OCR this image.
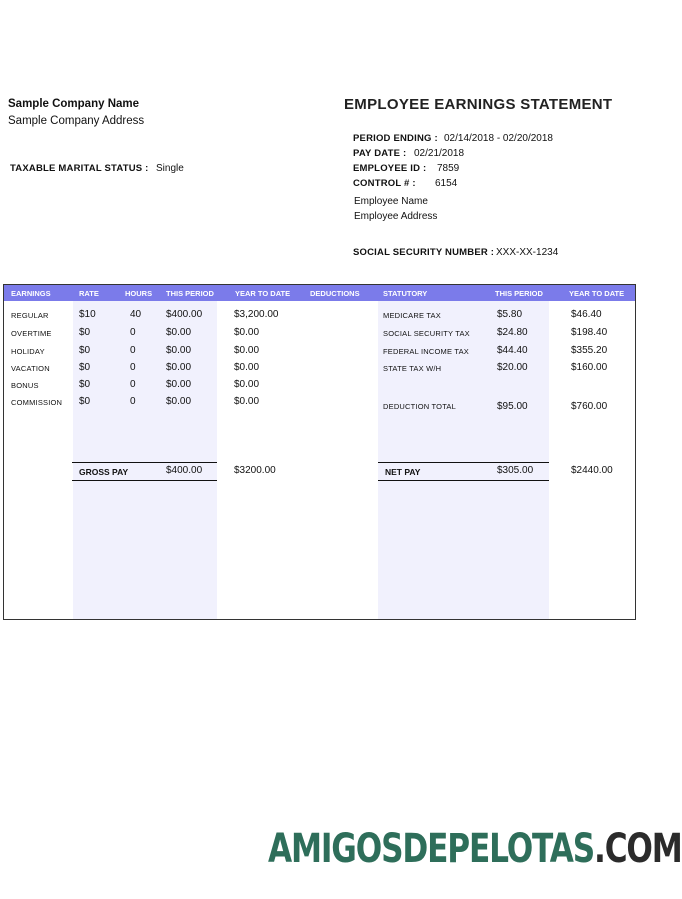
Sample Company Name
Sample Company Address
EMPLOYEE EARNINGS STATEMENT
TAXABLE MARITAL STATUS : Single
PERIOD ENDING : 02/14/2018 - 02/20/2018
PAY DATE : 02/21/2018
EMPLOYEE ID : 7859
CONTROL # : 6154
Employee Name
Employee Address
SOCIAL SECURITY NUMBER : XXX-XX-1234
EARNINGS	RATE	HOURS THIS PERIOD	YEAR TO DATE	DEDUCTIONS	STATUTORY	THIS PERIOD	YEAR TO DATE
REGULAR	$10	40 $400.00	$3,200.00
OVERTIME	$0	0	$0.00	$0.00
HOLIDAY	$0	0	$0.00	$0.00
VACATION	$0	0	$0.00	$0.00
BONUS	$0	0	$0.00	$0.00
COMMISSION $0	0	$0.00	$0.00
MEDICARE TAX	$5.80	$46.40
SOCIAL SECURITY TAX	$24.80	$198.40
FEDERAL INCOME TAX	$44.40	$355.20
STATE TAX W/H	$20.00	$160.00
DEDUCTION TOTAL	$95.00	$760.00
GROSS PAY	$400.00	$3200.00	NET PAY	$305.00	$2440.00
AMIGOSDEPELOTAS.COM
